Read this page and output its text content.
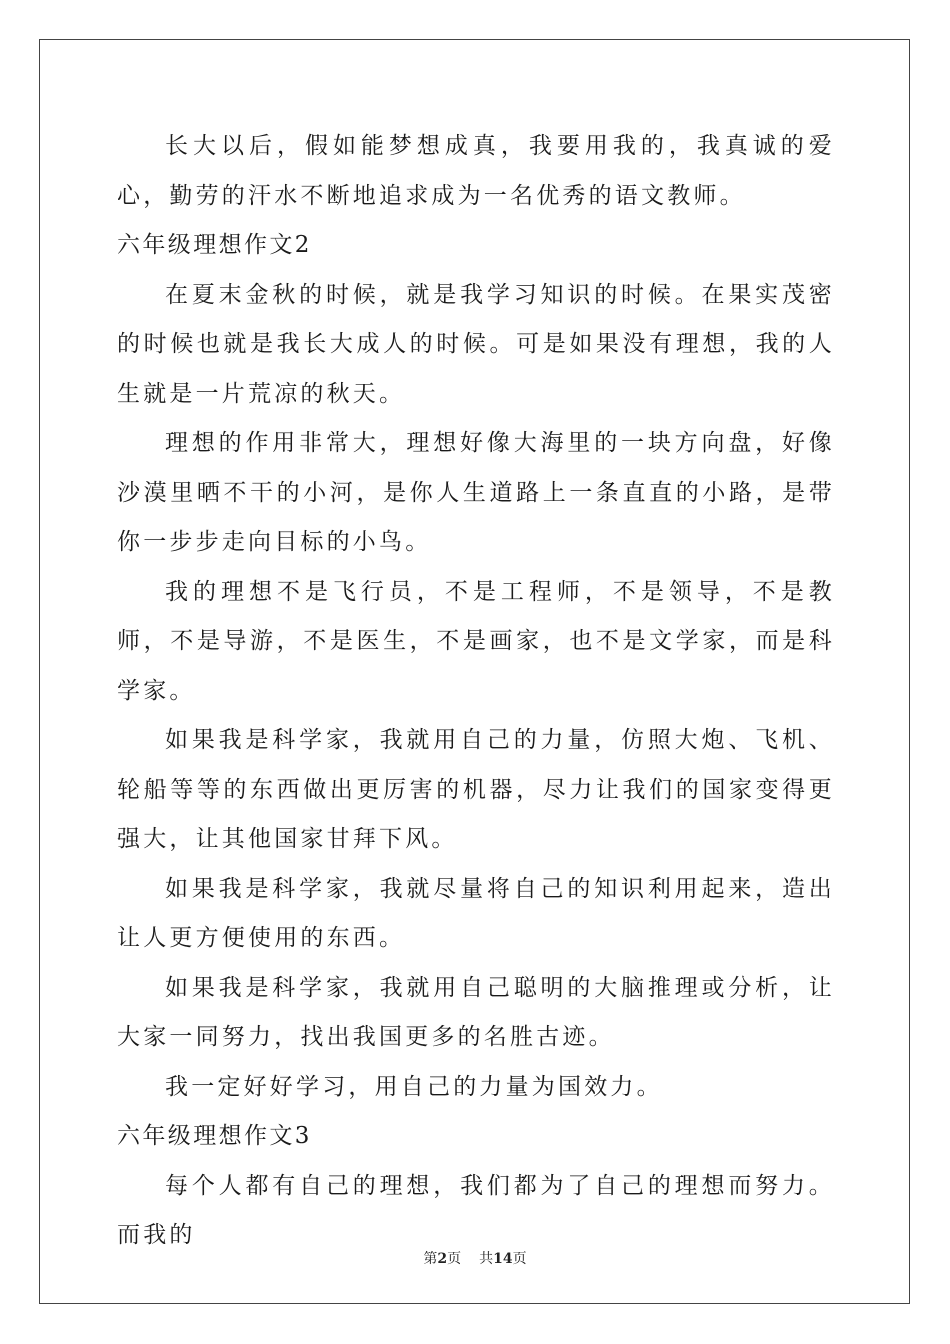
长大以后，假如能梦想成真，我要用我的，我真诚的爱心，勤劳的汗水不断地追求成为一名优秀的语文教师。

六年级理想作文2

在夏末金秋的时候，就是我学习知识的时候。在果实茂密的时候也就是我长大成人的时候。可是如果没有理想，我的人生就是一片荒凉的秋天。

理想的作用非常大，理想好像大海里的一块方向盘，好像沙漠里晒不干的小河，是你人生道路上一条直直的小路，是带你一步步走向目标的小鸟。

我的理想不是飞行员，不是工程师，不是领导，不是教师，不是导游，不是医生，不是画家，也不是文学家，而是科学家。

如果我是科学家，我就用自己的力量，仿照大炮、飞机、轮船等等的东西做出更厉害的机器，尽力让我们的国家变得更强大，让其他国家甘拜下风。

如果我是科学家，我就尽量将自己的知识利用起来，造出让人更方便使用的东西。

如果我是科学家，我就用自己聪明的大脑推理或分析，让大家一同努力，找出我国更多的名胜古迹。

我一定好好学习，用自己的力量为国效力。

六年级理想作文3

每个人都有自己的理想，我们都为了自己的理想而努力。而我的

第2页 共14页
